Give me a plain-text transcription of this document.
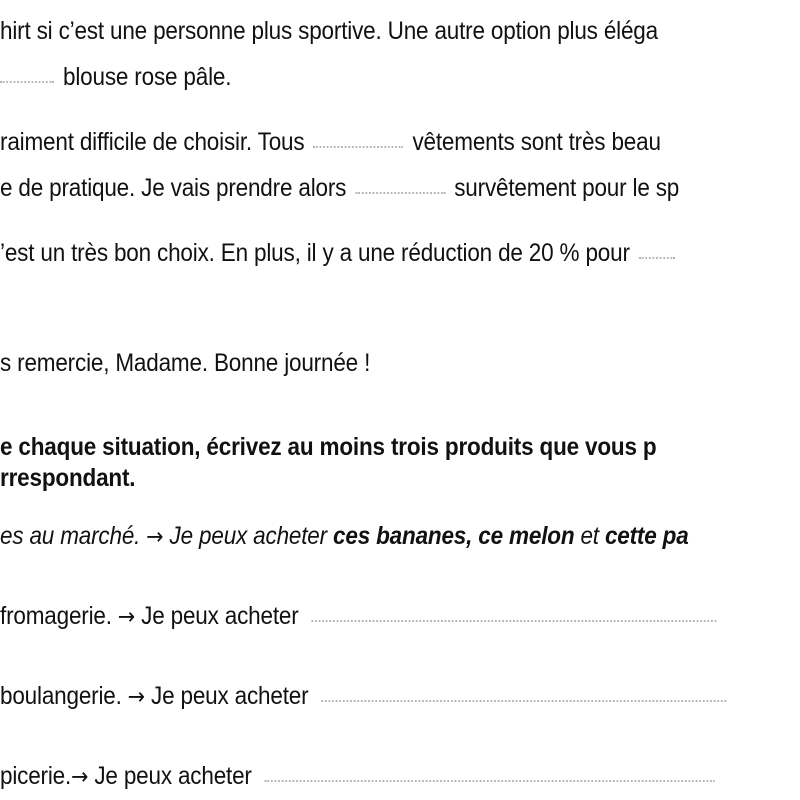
hirt si c’est une personne plus sportive. Une autre option plus éléga
blouse rose pâle.
raiment difficile de choisir. Tous	vêtements sont très beau
e de pratique. Je vais prendre alors	survêtement pour le sp
’est un très bon choix. En plus, il y a une réduction de 20 % pour
s remercie, Madame. Bonne journée !
e chaque situation, écrivez au moins trois produits que vous p
rrespondant.
es au marché. → Je peux acheter ces bananes, ce melon et cette pa
fromagerie. → Je peux acheter
boulangerie. → Je peux acheter
picerie.→ Je peux acheter
